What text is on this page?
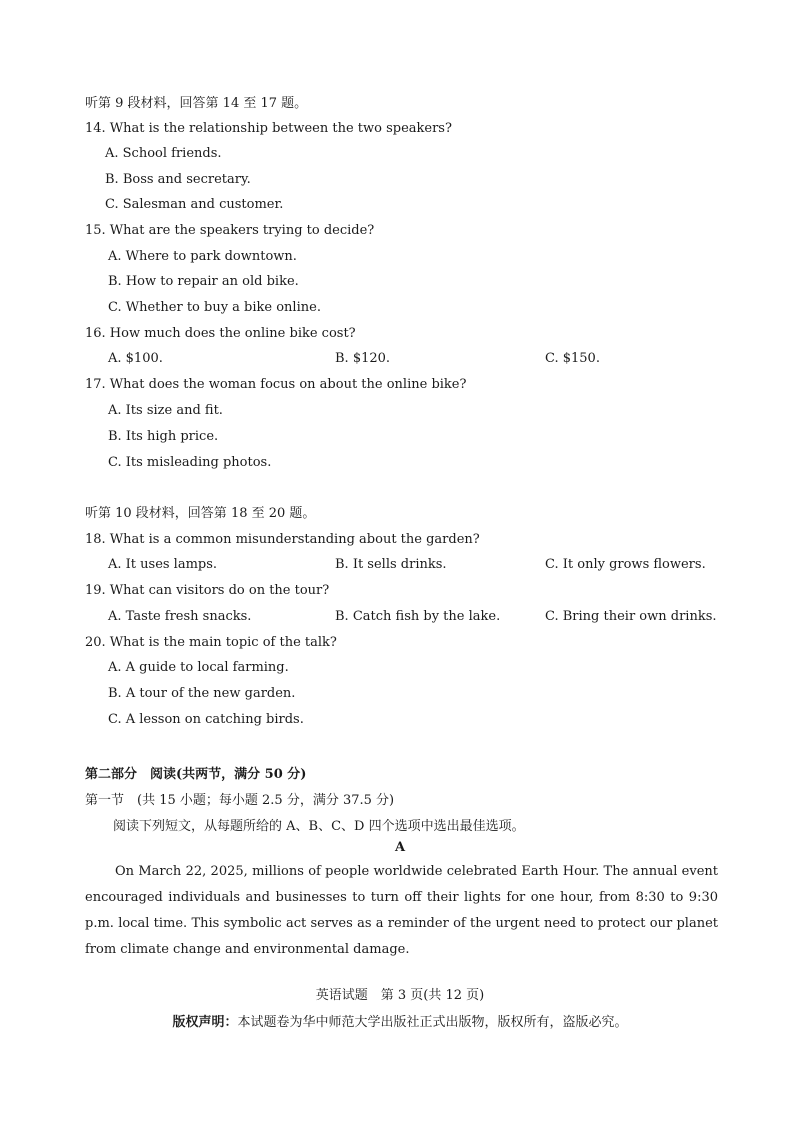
听第 9 段材料，回答第 14 至 17 题。
14. What is the relationship between the two speakers?
A. School friends.
B. Boss and secretary.
C. Salesman and customer.
15. What are the speakers trying to decide?
A. Where to park downtown.
B. How to repair an old bike.
C. Whether to buy a bike online.
16. How much does the online bike cost?
A. $100.	B. $120.	C. $150.
17. What does the woman focus on about the online bike?
A. Its size and fit.
B. Its high price.
C. Its misleading photos.
听第 10 段材料，回答第 18 至 20 题。
18. What is a common misunderstanding about the garden?
A. It uses lamps.	B. It sells drinks.	C. It only grows flowers.
19. What can visitors do on the tour?
A. Taste fresh snacks.	B. Catch fish by the lake.	C. Bring their own drinks.
20. What is the main topic of the talk?
A. A guide to local farming.
B. A tour of the new garden.
C. A lesson on catching birds.
第二部分　阅读(共两节，满分 50 分)
第一节　(共 15 小题；每小题 2.5 分，满分 37.5 分)
阅读下列短文，从每题所给的 A、B、C、D 四个选项中选出最佳选项。
A

On March 22, 2025, millions of people worldwide celebrated Earth Hour. The annual event encouraged individuals and businesses to turn off their lights for one hour, from 8:30 to 9:30 p.m. local time. This symbolic act serves as a reminder of the urgent need to protect our planet from climate change and environmental damage.

英语试题　第 3 页(共 12 页)
版权声明：本试题卷为华中师范大学出版社正式出版物，版权所有，盗版必究。
